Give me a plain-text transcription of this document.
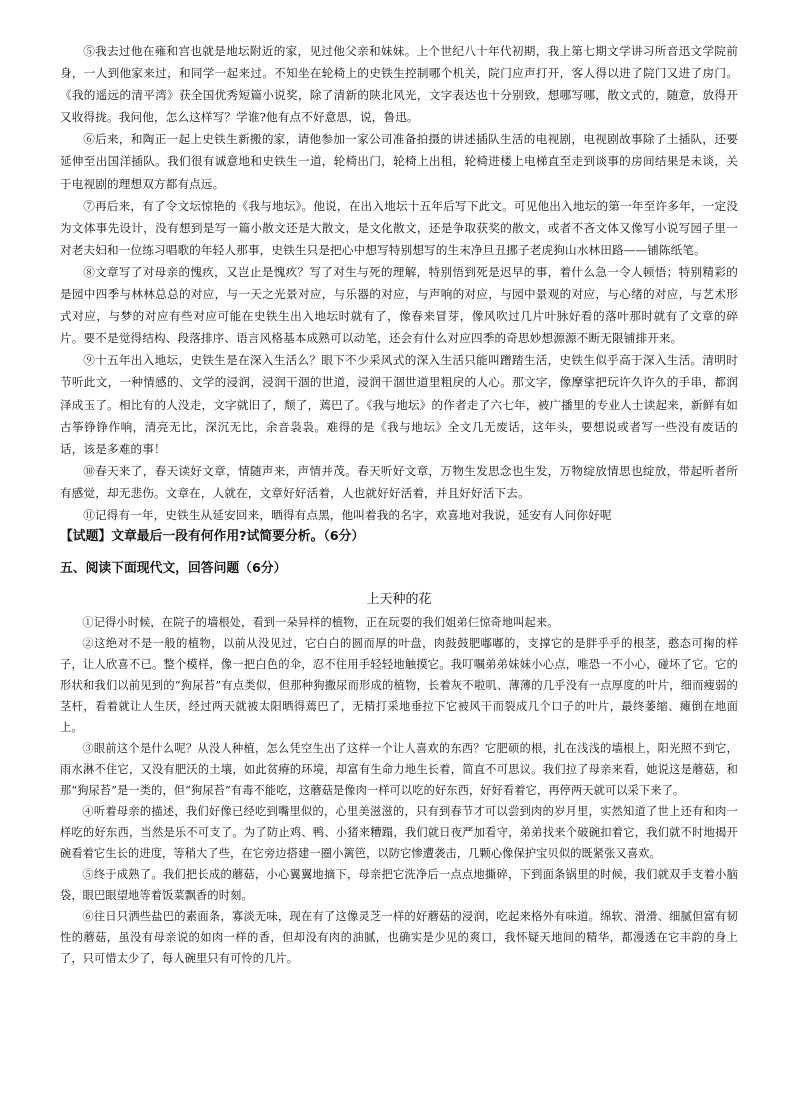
⑤我去过他在雍和宫也就是地坛附近的家，见过他父亲和妹妹。上个世纪八十年代初期，我上第七期文学讲习所音迅文学院前身，一人到他家来过，和同学一起来过。不知坐在轮椅上的史铁生控制哪个机关，院门应声打开，客人得以进了院门又进了房门。《我的遥远的清平湾》获全国优秀短篇小说奖，除了清新的陕北风光，文字表达也十分别致，想哪写哪，散文式的，随意，放得开又收得拢。我问他，怎么这样写？学谁?他有点不好意思，说，鲁迅。

⑥后来，和陶正一起上史铁生新搬的家，请他参加一家公司准备拍摄的讲述插队生活的电视剧，电视剧故事除了土插队，还要延伸至出国洋插队。我们很有诚意地和史铁生一道，轮椅出门，轮椅上出租，轮椅进楼上电梯直至走到谈事的房间结果是未谈，关于电视剧的理想双方都有点远。

⑦再后来，有了令文坛惊艳的《我与地坛》。他说，在出入地坛十五年后写下此文。可见他出入地坛的第一年至许多年，一定没为文体事先设计，没有想到是写一篇小散文还是大散文，是文化散文，还是争取获奖的散文，或者不吝文体又像写小说写园子里一对老夫妇和一位练习唱歌的年轻人那事，史铁生只是把心中想写特别想写的生末净旦丑挪子老虎狗山水林田路——铺陈纸笔。

⑧文章写了对母亲的愧疚，又岂止是愧疚？写了对生与死的理解，特别悟到死是迟早的事，着什么急一令人顿悟；特别精彩的是园中四季与林林总总的对应，与一天之光景对应，与乐器的对应，与声响的对应，与园中景观的对应，与心绪的对应，与艺术形式对应，与梦的对应有些对应可能在史铁生出入地坛时就有了，像春来冒芽，像风吹过几片叶脉好看的落叶那时就有了文章的碎片。要不是觉得结构、段落排序、语言风格基本成熟可以动笔，还会有什么对应四季的奇思妙想源源不断无限铺排开来。

⑨十五年出入地坛，史铁生是在深入生活么？眼下不少采风式的深入生活只能叫蹭踏生活，史铁生似乎高于深入生活。清明时节听此文，一种情感的、文学的浸润，浸润干涸的世道，浸润干涸世道里粗戾的人心。那文字，像摩挲把玩许久许久的手串，都润泽成玉了。相比有的人没走，文字就旧了，颓了，蔫巴了。《我与地坛》的作者走了六七年，被广播里的专业人士读起来，新鲜有如古筝铮铮作响，清亮无比，深沉无比，余音袅袅。难得的是《我与地坛》全文几无废话，这年头，要想说或者写一些没有废话的话，该是多难的事！

⑩春天来了，春天读好文章，情随声来，声情并茂。春天听好文章，万物生发思念也生发，万物绽放情思也绽放，带起听者所有感觉，却无悲伤。文章在，人就在，文章好好活着，人也就好好活着，并且好好活下去。

⑪记得有一年，史铁生从延安回来，晒得有点黑，他叫着我的名字，欢喜地对我说，延安有人问你好呢

【试题】文章最后一段有何作用?试简要分析。（6分）

五、阅读下面现代文，回答问题（6分）

上天种的花

①记得小时候，在院子的墙根处，看到一朵异样的植物，正在玩耍的我们姐弟仨惊奇地叫起来。

②这绝对不是一般的植物，以前从没见过，它白白的圆而厚的叶盘，肉鼓鼓肥嘟嘟的，支撑它的是胖乎乎的根茎，憨态可掬的样子，让人欣喜不已。整个模样，像一把白色的伞，忍不住用手轻轻地触摸它。我叮嘱弟弟妹妹小心点，唯恐一不小心，碰坏了它。它的形状和我们以前见到的“狗尿苔”有点类似，但那种狗撒尿而形成的植物，长着灰不啦叽、薄薄的几乎没有一点厚度的叶片，细而瘦弱的茎杆，看着就让人生厌，经过两天就被太阳晒得蔫巴了，无精打采地垂拉下它被风干而裂成几个口子的叶片，最终萎缩、瘫倒在地面上。

③眼前这个是什么呢？从没人种植，怎么凭空生出了这样一个让人喜欢的东西？它肥硕的根，扎在浅浅的墙根上，阳光照不到它，雨水淋不住它，又没有肥沃的土壤，如此贫瘠的环境，却富有生命力地生长着，简直不可思议。我们拉了母亲来看，她说这是蘑菇，和那“狗尿苔”是一类的，但“狗尿苔”有毒不能吃，这蘑菇是像肉一样可以吃的好东西，好好看着它，再停两天就可以采下来了。

④听着母亲的描述，我们好像已经吃到嘴里似的，心里美滋滋的，只有到春节才可以尝到肉的岁月里，实然知道了世上还有和肉一样吃的好东西，当然是乐不可支了。为了防止鸡、鸭、小猪来糟蹋，我们就日夜严加看守，弟弟找来个破碗扣着它，我们就不时地揭开碗看着它生长的进度，等稍大了些，在它旁边搭建一圈小篱笆，以防它惨遭袭击，几颗心像保护宝贝似的既紧张又喜欢。

⑤终于成熟了。我们把长成的蘑菇，小心翼翼地摘下，母亲把它洗净后一点点地撕碎，下到面条锅里的时候，我们就双手支着小脑袋，眼巴眼望地等着饭菜飘香的时刻。

⑥往日只洒些盐巴的素面条，寡淡无味，现在有了这像灵芝一样的好蘑菇的浸润，吃起来格外有味道。绵软、滑滑、细腻但富有韧性的蘑菇，虽没有母亲说的如肉一样的香，但却没有肉的油腻，也确实是少见的爽口，我怀疑天地间的精华，都漫透在它丰韵的身上了，只可惜太少了，每人碗里只有可怜的几片。
